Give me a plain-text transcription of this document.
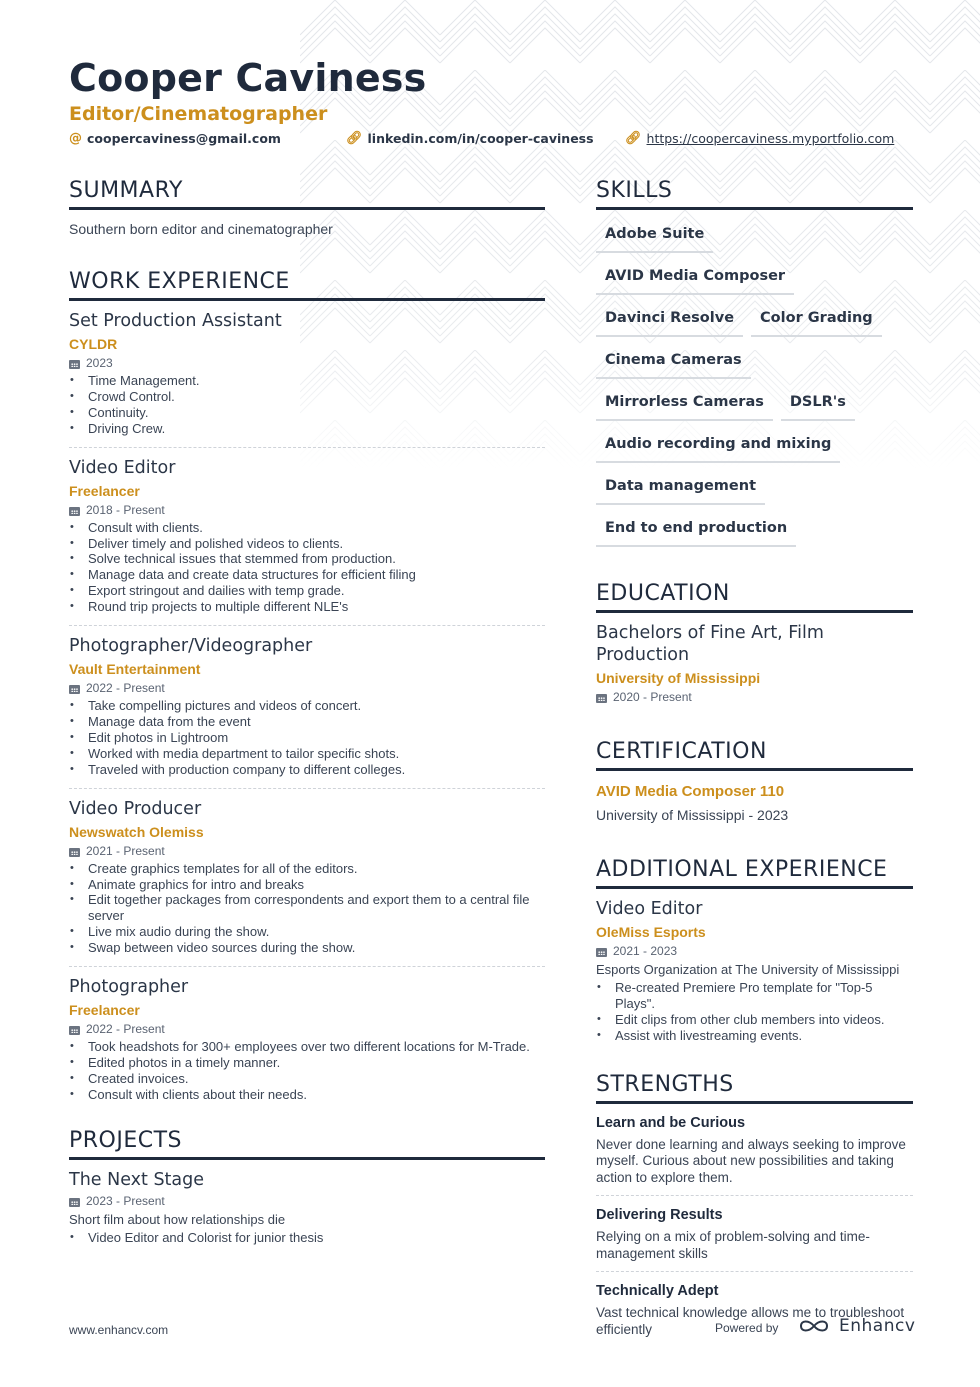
Cooper Caviness
Editor/Cinematographer
@ coopercaviness@gmail.com	🔗︎ linkedin.com/in/cooper-caviness 🔗︎ https://coopercaviness.myportfolio.com
SUMMARY
Southern born editor and cinematographer
WORK EXPERIENCE
Set Production Assistant
CYLDR
2023
• Time Management.
• Crowd Control.
• Continuity.
• Driving Crew.
Video Editor
Freelancer
2018 - Present
• Consult with clients.
• Deliver timely and polished videos to clients.
• Solve technical issues that stemmed from production.
• Manage data and create data structures for efficient filing
• Export stringout and dailies with temp grade.
• Round trip projects to multiple different NLE's
Photographer/Videographer
Vault Entertainment
2022 - Present
• Take compelling pictures and videos of concert.
• Manage data from the event
• Edit photos in Lightroom
• Worked with media department to tailor specific shots.
• Traveled with production company to different colleges.
Video Producer
Newswatch Olemiss
2021 - Present
• Create graphics templates for all of the editors.
• Animate graphics for intro and breaks
• Edit together packages from correspondents and export them to a central file server
• Live mix audio during the show.
• Swap between video sources during the show.
Photographer
Freelancer
2022 - Present
• Took headshots for 300+ employees over two different locations for M-Trade.
• Edited photos in a timely manner.
• Created invoices.
• Consult with clients about their needs.
PROJECTS
The Next Stage
2023 - Present
Short film about how relationships die
• Video Editor and Colorist for junior thesis
SKILLS
Adobe Suite
AVID Media Composer
Davinci Resolve	Color Grading
Cinema Cameras
Mirrorless Cameras	DSLR's
Audio recording and mixing
Data management
End to end production
EDUCATION
Bachelors of Fine Art, Film Production
University of Mississippi
2020 - Present
CERTIFICATION
AVID Media Composer 110
University of Mississippi - 2023
ADDITIONAL EXPERIENCE
Video Editor
OleMiss Esports
2021 - 2023
Esports Organization at The University of Mississippi
• Re-created Premiere Pro template for "Top-5 Plays".
• Edit clips from other club members into videos.
• Assist with livestreaming events.
STRENGTHS
Learn and be Curious
Never done learning and always seeking to improve myself. Curious about new possibilities and taking action to explore them.
Delivering Results
Relying on a mix of problem-solving and time-management skills
Technically Adept
Vast technical knowledge allows me to troubleshoot efficiently
www.enhancv.com	Powered by	Enhancv
